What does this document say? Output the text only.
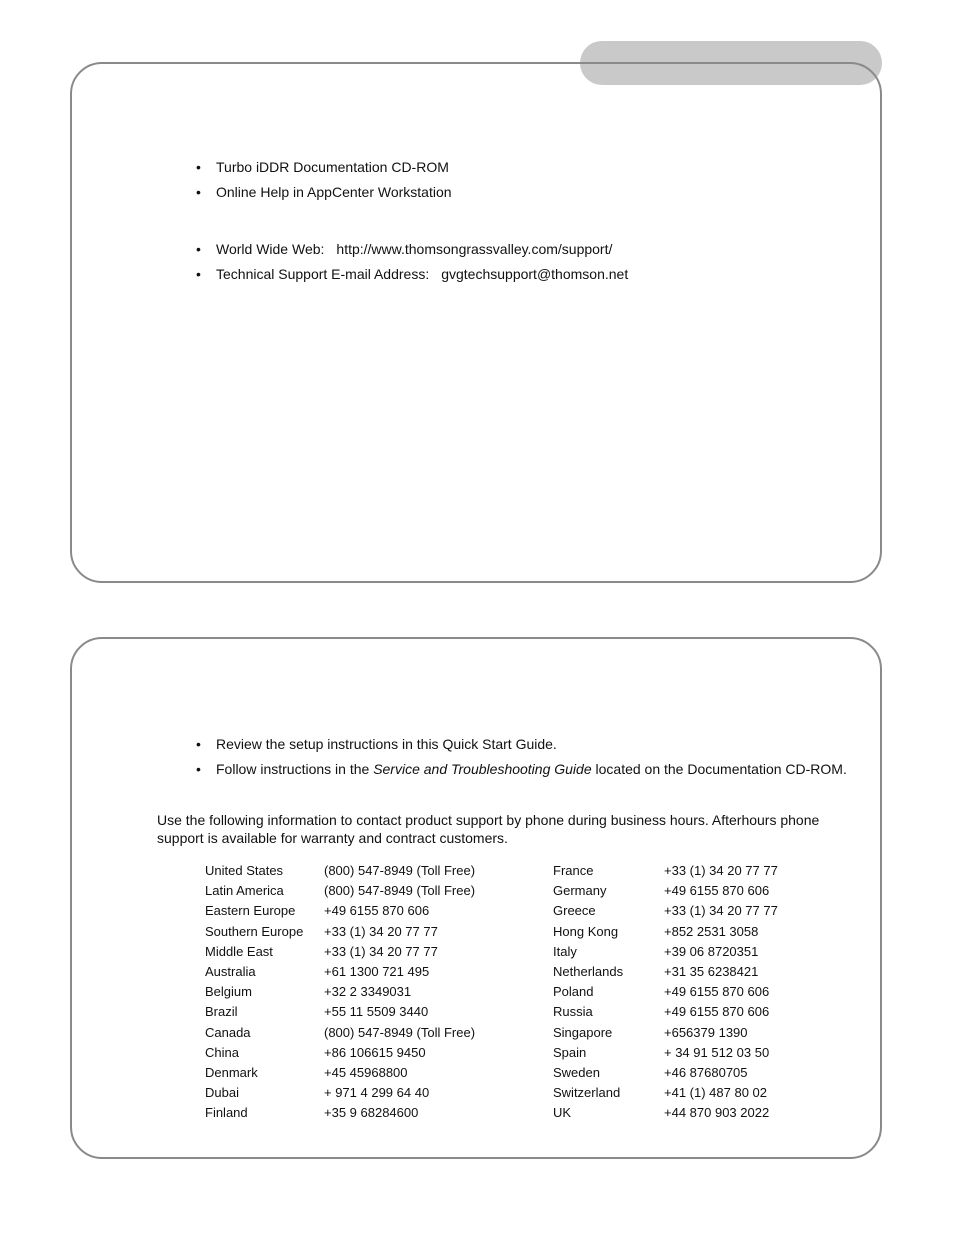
• Turbo iDDR Documentation CD-ROM
• Online Help in AppCenter Workstation
• World Wide Web: http://www.thomsongrassvalley.com/support/
• Technical Support E-mail Address: gvgtechsupport@thomson.net
• Review the setup instructions in this Quick Start Guide.
• Follow instructions in the Service and Troubleshooting Guide located on the Documentation CD-ROM.

Use the following information to contact product support by phone during business hours. Afterhours phone support is available for warranty and contract customers.

United States
Latin America
Eastern Europe
Southern Europe
Middle East
Australia
Belgium
Brazil
Canada
China
Denmark
Dubai
Finland
(800) 547-8949 (Toll Free)
(800) 547-8949 (Toll Free)
+49 6155 870 606
+33 (1) 34 20 77 77
+33 (1) 34 20 77 77
+61 1300 721 495
+32 2 3349031
+55 11 5509 3440
(800) 547-8949 (Toll Free)
+86 106615 9450
+45 45968800
+ 971 4 299 64 40
+35 9 68284600
France
Germany
Greece
Hong Kong
Italy
Netherlands
Poland
Russia
Singapore
Spain
Sweden
Switzerland
UK
+33 (1) 34 20 77 77
+49 6155 870 606
+33 (1) 34 20 77 77
+852 2531 3058
+39 06 8720351
+31 35 6238421
+49 6155 870 606
+49 6155 870 606
+656379 1390
+ 34 91 512 03 50
+46 87680705
+41 (1) 487 80 02
+44 870 903 2022
